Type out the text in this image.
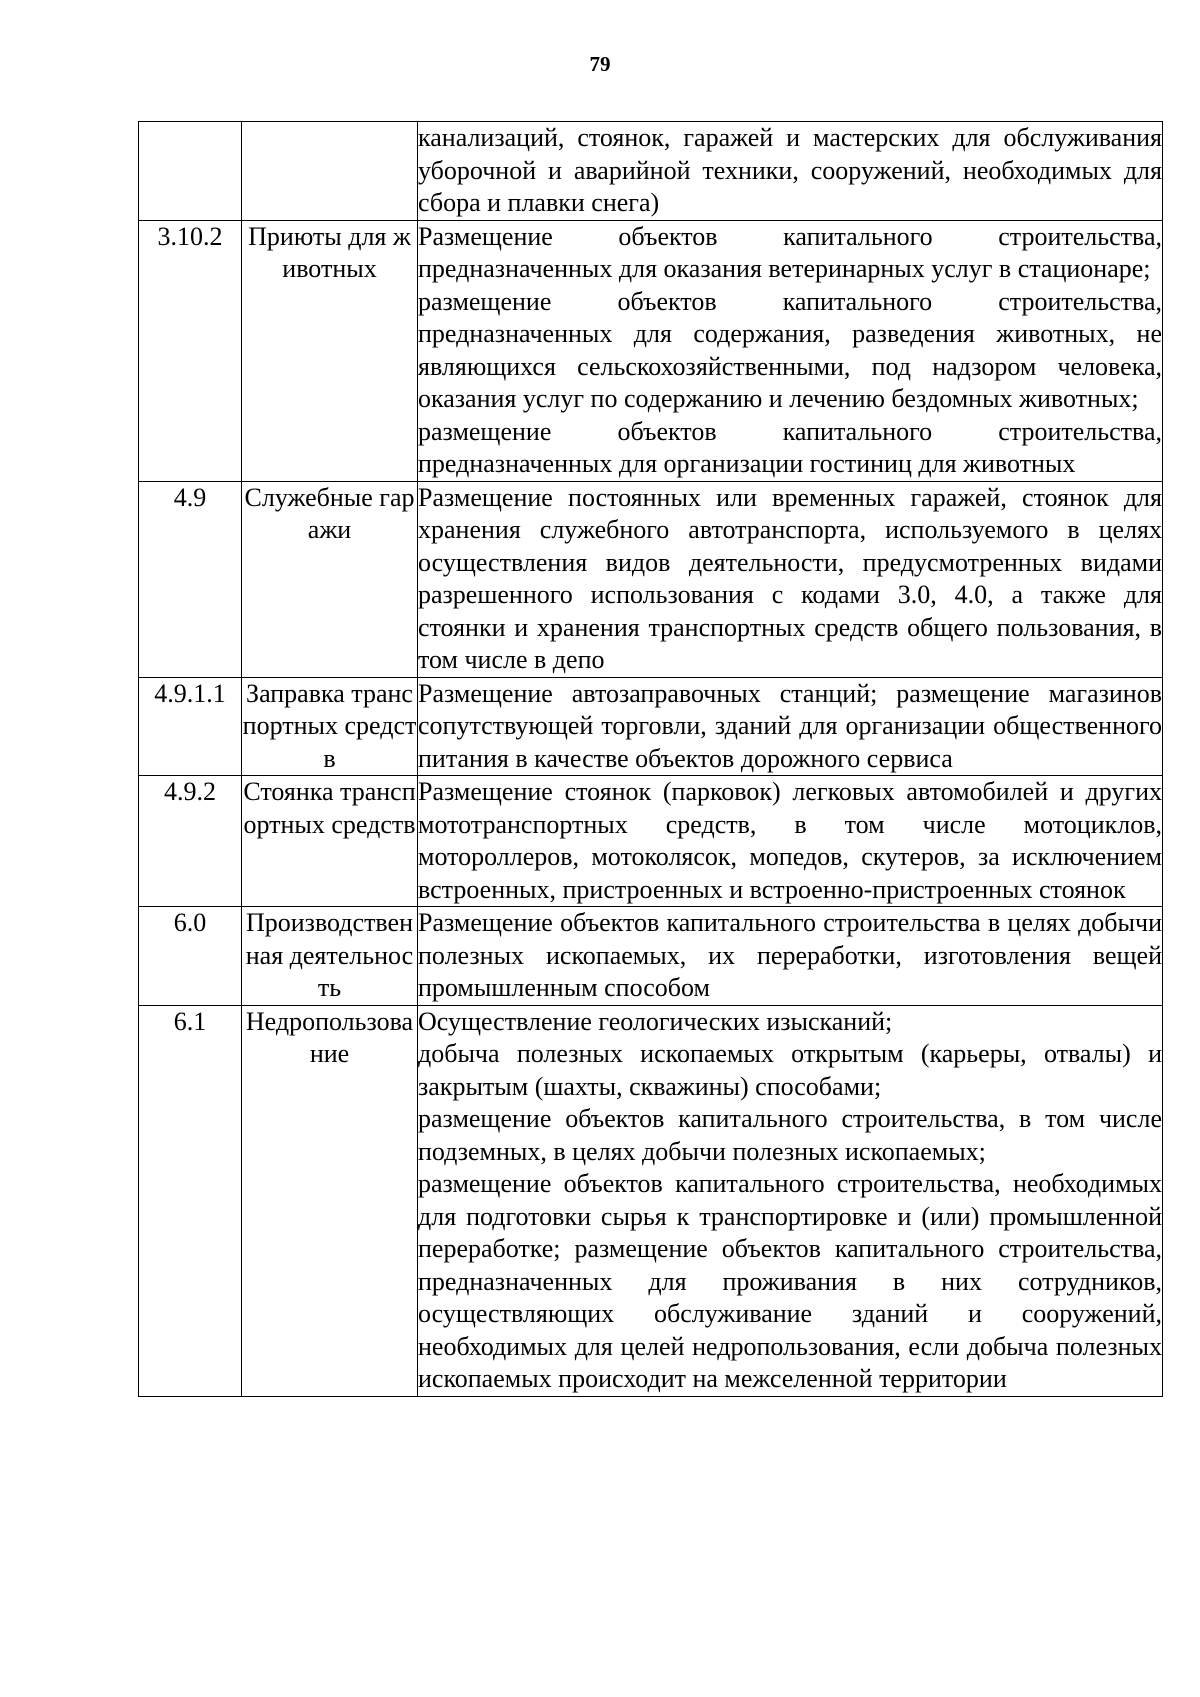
79

		канализаций, стоянок, гаражей и мастерских для обслуживания уборочной и аварийной техники, сооружений, необходимых для сбора и плавки снега)

3.10.2	Приюты для животных	Размещение объектов капитального строительства, предназначенных для оказания ветеринарных услуг в стационаре;
размещение объектов капитального строительства, предназначенных для содержания, разведения животных, не являющихся сельскохозяйственными, под надзором человека, оказания услуг по содержанию и лечению бездомных животных;
размещение объектов капитального строительства, предназначенных для организации гостиниц для животных

4.9	Служебные гаражи	Размещение постоянных или временных гаражей, стоянок для хранения служебного автотранспорта, используемого в целях осуществления видов деятельности, предусмотренных видами разрешенного использования с кодами 3.0, 4.0, а также для стоянки и хранения транспортных средств общего пользования, в том числе в депо

4.9.1.1	Заправка транспортных средств	Размещение автозаправочных станций; размещение магазинов сопутствующей торговли, зданий для организации общественного питания в качестве объектов дорожного сервиса

4.9.2	Стоянка транспортных средств	Размещение стоянок (парковок) легковых автомобилей и других мототранспортных средств, в том числе мотоциклов, мотороллеров, мотоколясок, мопедов, скутеров, за исключением встроенных, пристроенных и встроенно-пристроенных стоянок

6.0	Производственная деятельность	Размещение объектов капитального строительства в целях добычи полезных ископаемых, их переработки, изготовления вещей промышленным способом

6.1	Недропользование	Осуществление геологических изысканий;
добыча полезных ископаемых открытым (карьеры, отвалы) и закрытым (шахты, скважины) способами;
размещение объектов капитального строительства, в том числе подземных, в целях добычи полезных ископаемых;
размещение объектов капитального строительства, необходимых для подготовки сырья к транспортировке и (или) промышленной переработке; размещение объектов капитального строительства, предназначенных для проживания в них сотрудников, осуществляющих обслуживание зданий и сооружений, необходимых для целей недропользования, если добыча полезных ископаемых происходит на межселенной территории
